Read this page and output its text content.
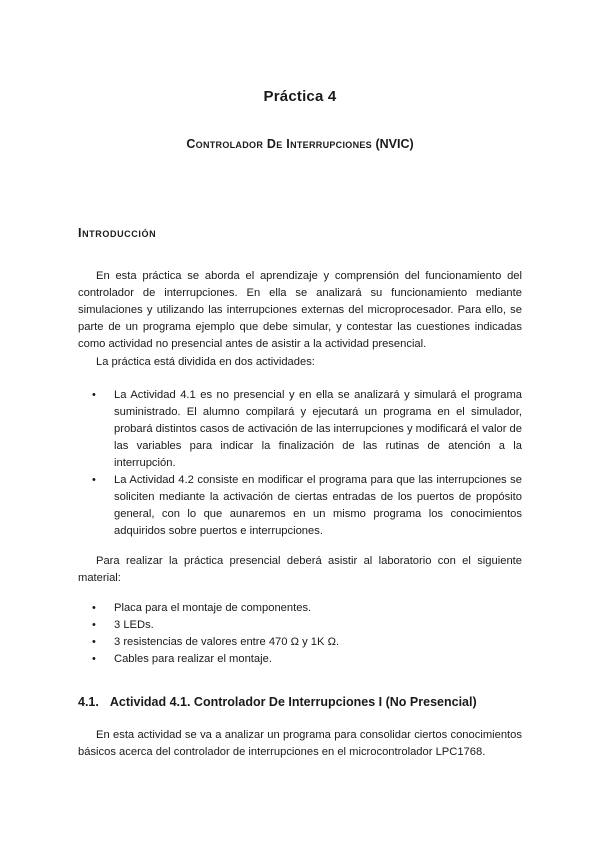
Práctica 4
Controlador De Interrupciones (NVIC)
Introducción

En esta práctica se aborda el aprendizaje y comprensión del funcionamiento del controlador de interrupciones. En ella se analizará su funcionamiento mediante simulaciones y utilizando las interrupciones externas del microprocesador. Para ello, se parte de un programa ejemplo que debe simular, y contestar las cuestiones indicadas como actividad no presencial antes de asistir a la actividad presencial.

La práctica está dividida en dos actividades:

• La Actividad 4.1 es no presencial y en ella se analizará y simulará el programa suministrado. El alumno compilará y ejecutará un programa en el simulador, probará distintos casos de activación de las interrupciones y modificará el valor de las variables para indicar la finalización de las rutinas de atención a la interrupción.
• La Actividad 4.2 consiste en modificar el programa para que las interrupciones se soliciten mediante la activación de ciertas entradas de los puertos de propósito general, con lo que aunaremos en un mismo programa los conocimientos adquiridos sobre puertos e interrupciones.

Para realizar la práctica presencial deberá asistir al laboratorio con el siguiente material:

• Placa para el montaje de componentes.
• 3 LEDs.
• 3 resistencias de valores entre 470 Ω y 1K Ω.
• Cables para realizar el montaje.
4.1. Actividad 4.1. Controlador De Interrupciones I (No Presencial)

En esta actividad se va a analizar un programa para consolidar ciertos conocimientos básicos acerca del controlador de interrupciones en el microcontrolador LPC1768.
